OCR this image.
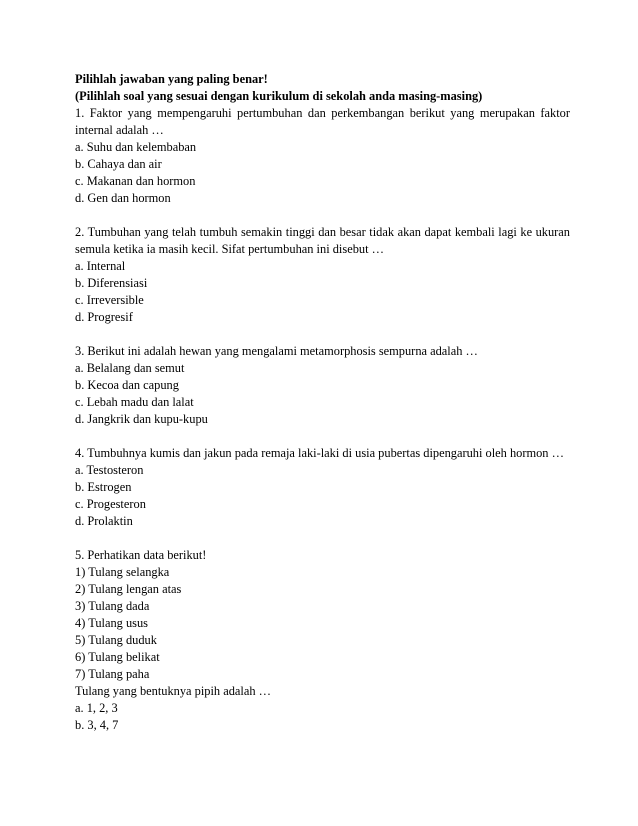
Pilihlah jawaban yang paling benar!
(Pilihlah soal yang sesuai dengan kurikulum di sekolah anda masing-masing)
1. Faktor yang mempengaruhi pertumbuhan dan perkembangan berikut yang merupakan faktor internal adalah …
a. Suhu dan kelembaban
b. Cahaya dan air
c. Makanan dan hormon
d. Gen dan hormon
2. Tumbuhan yang telah tumbuh semakin tinggi dan besar tidak akan dapat kembali lagi ke ukuran semula ketika ia masih kecil. Sifat pertumbuhan ini disebut …
a. Internal
b. Diferensiasi
c. Irreversible
d. Progresif
3. Berikut ini adalah hewan yang mengalami metamorphosis sempurna adalah …
a. Belalang dan semut
b. Kecoa dan capung
c. Lebah madu dan lalat
d. Jangkrik dan kupu-kupu
4. Tumbuhnya kumis dan jakun pada remaja laki-laki di usia pubertas dipengaruhi oleh hormon …
a. Testosteron
b. Estrogen
c. Progesteron
d. Prolaktin
5. Perhatikan data berikut!
1) Tulang selangka
2) Tulang lengan atas
3) Tulang dada
4) Tulang usus
5) Tulang duduk
6) Tulang belikat
7) Tulang paha
Tulang yang bentuknya pipih adalah …
a. 1, 2, 3
b. 3, 4, 7
